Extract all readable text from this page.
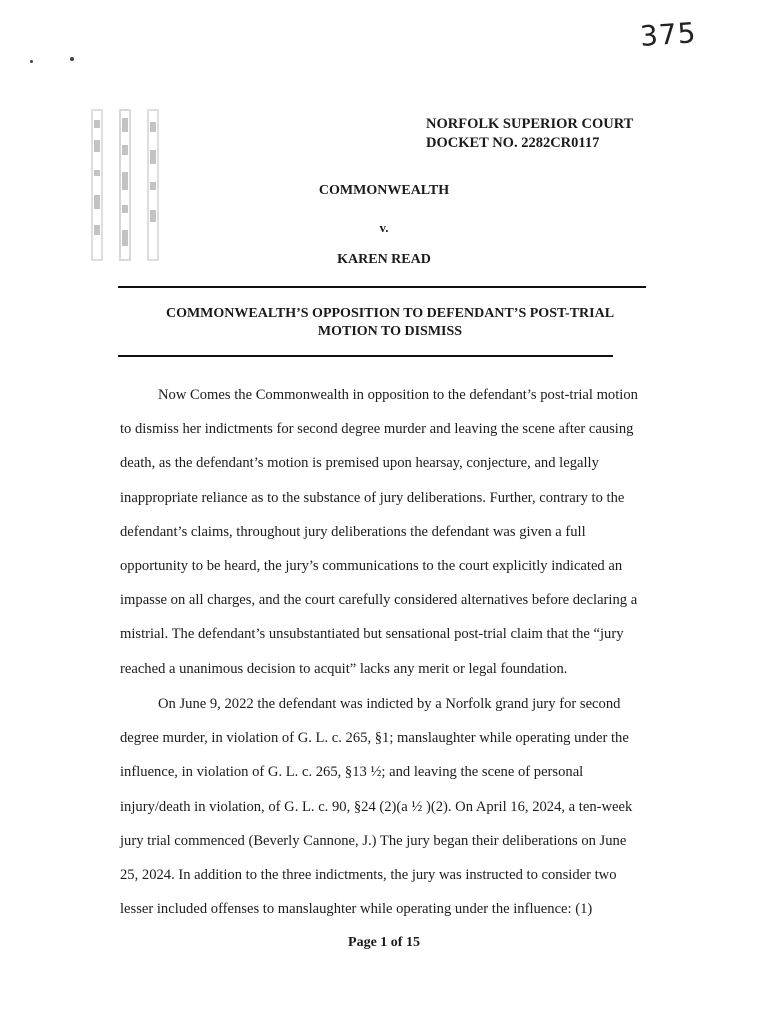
375
NORFOLK SUPERIOR COURT
DOCKET NO. 2282CR0117
COMMONWEALTH
v.
KAREN READ
COMMONWEALTH’S OPPOSITION TO DEFENDANT’S POST-TRIAL
MOTION TO DISMISS
Now Comes the Commonwealth in opposition to the defendant’s post-trial motion to dismiss her indictments for second degree murder and leaving the scene after causing death, as the defendant’s motion is premised upon hearsay, conjecture, and legally inappropriate reliance as to the substance of jury deliberations. Further, contrary to the defendant’s claims, throughout jury deliberations the defendant was given a full opportunity to be heard, the jury’s communications to the court explicitly indicated an impasse on all charges, and the court carefully considered alternatives before declaring a mistrial. The defendant’s unsubstantiated but sensational post-trial claim that the “jury reached a unanimous decision to acquit” lacks any merit or legal foundation.
On June 9, 2022 the defendant was indicted by a Norfolk grand jury for second degree murder, in violation of G. L. c. 265, §1; manslaughter while operating under the influence, in violation of G. L. c. 265, §13 ½; and leaving the scene of personal injury/death in violation, of G. L. c. 90, §24 (2)(a ½ )(2). On April 16, 2024, a ten-week jury trial commenced (Beverly Cannone, J.) The jury began their deliberations on June 25, 2024. In addition to the three indictments, the jury was instructed to consider two lesser included offenses to manslaughter while operating under the influence: (1)
Page 1 of 15
